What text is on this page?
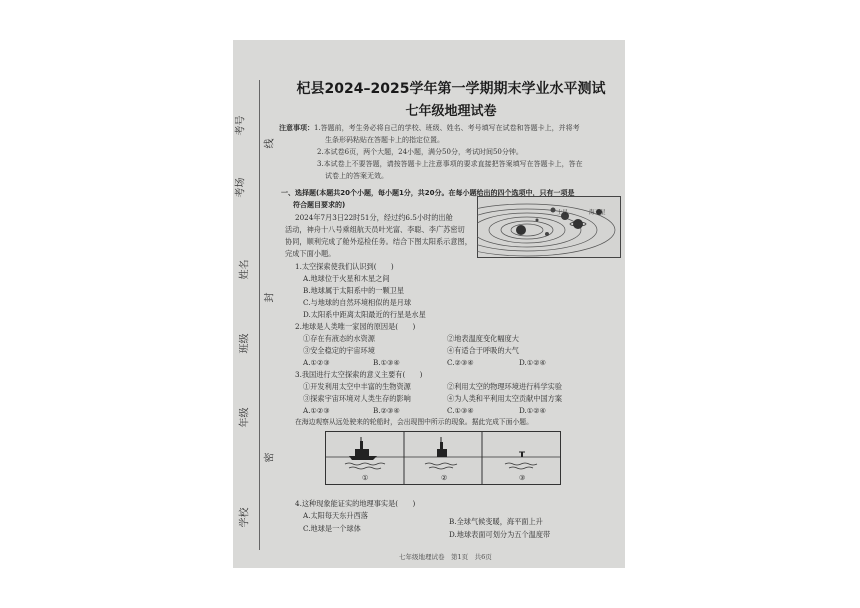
考号
考场
姓名
班级
年级
学校
线
封
密
杞县2024–2025学年第一学期期末学业水平测试
七年级地理试卷
注意事项：1.答题前，考生务必将自己的学校、班级、姓名、考号填写在试卷和答题卡上，并将考
生条形码粘贴在答题卡上的指定位置。
2.本试卷6页，两个大题，24小题，满分50分，考试时间50分钟。
3.本试卷上不要答题，请按答题卡上注意事项的要求直接把答案填写在答题卡上，答在
试卷上的答案无效。
一、选择题(本题共20个小题，每小题1分，共20分。在每小题给出的四个选项中，只有一项是
符合题目要求的)
2024年7月3日22时51分，经过约6.5小时的出舱
活动，神舟十八号乘组航天员叶光富、李聪、李广苏密切
协同，顺利完成了舱外巡检任务。结合下图太阳系示意图，
完成下面小题。
土星	海王星
1.太空探索使我们认识到(　　)
A.地球位于火星和木星之间
B.地球属于太阳系中的一颗卫星
C.与地球的自然环境相似的是月球
D.太阳系中距离太阳最近的行星是水星
2.地球是人类唯一家园的原因是(　　)
①存在有液态的水资源	②地表温度变化幅度大
③安全稳定的宇宙环境	④有适合于呼吸的大气
A.①②③	B.①③④	C.②③④	D.①②④
3.我国进行太空探索的意义主要有(　　)
①开发利用太空中丰富的生物资源	②利用太空的物理环境进行科学实验
③探索宇宙环境对人类生存的影响	④为人类和平利用太空贡献中国方案
A.①②③	B.②③④	C.①③④	D.①②④
在海边观察从远处驶来的轮船时，会出现图中所示的现象。据此完成下面小题。
①	②	③
4.这种现象能证实的地理事实是(　　)
A.太阳每天东升西落
B.全球气候变暖，海平面上升
C.地球是一个球体
D.地球表面可划分为五个温度带
七年级地理试卷　第1页　共6页
